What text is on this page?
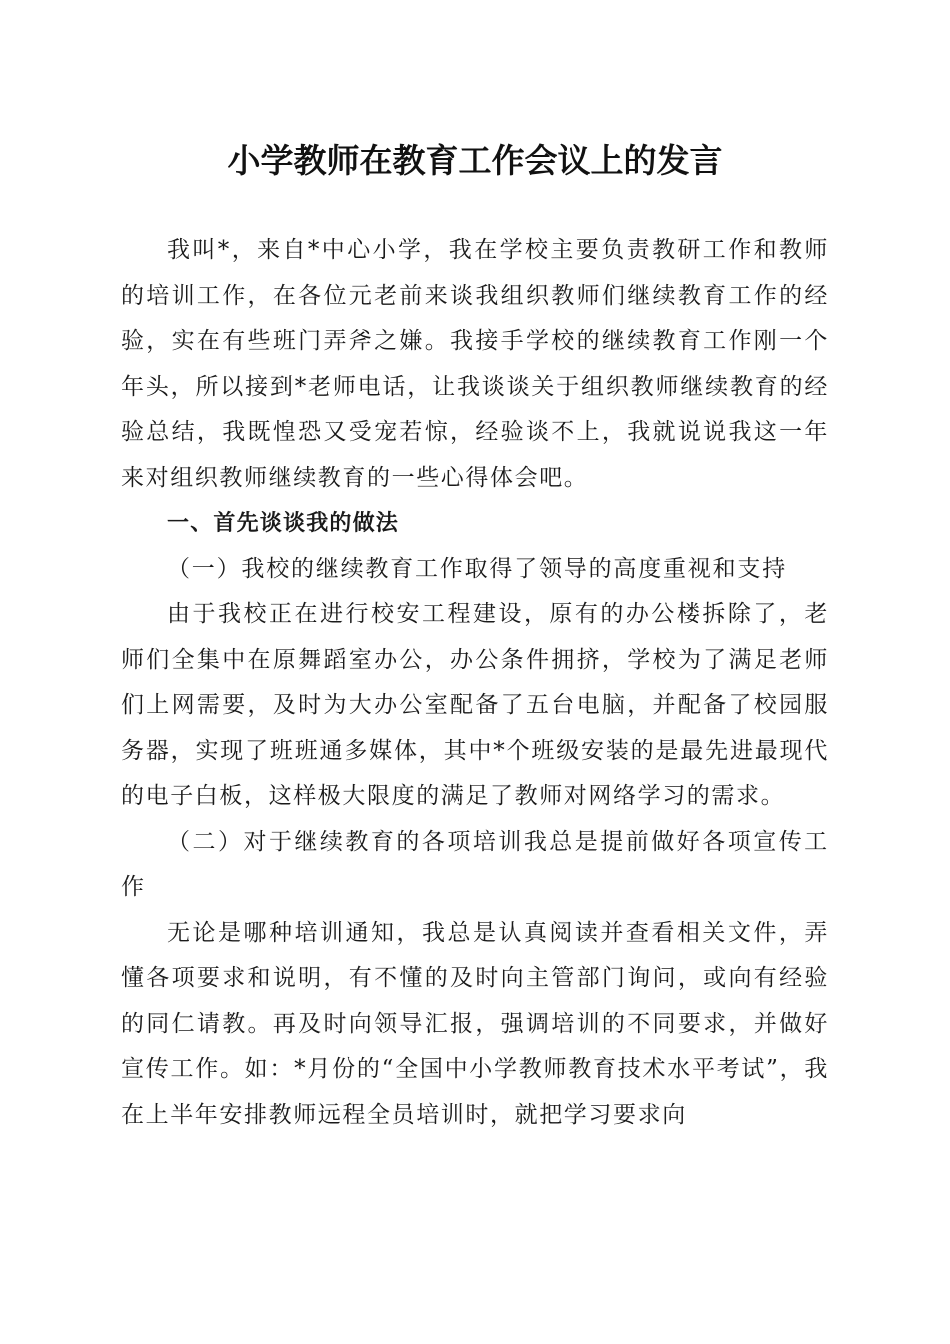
小学教师在教育工作会议上的发言

我叫*，来自*中心小学，我在学校主要负责教研工作和教师的培训工作，在各位元老前来谈我组织教师们继续教育工作的经验，实在有些班门弄斧之嫌。我接手学校的继续教育工作刚一个年头，所以接到*老师电话，让我谈谈关于组织教师继续教育的经验总结，我既惶恐又受宠若惊，经验谈不上，我就说说我这一年来对组织教师继续教育的一些心得体会吧。

一、首先谈谈我的做法

（一）我校的继续教育工作取得了领导的高度重视和支持

由于我校正在进行校安工程建设，原有的办公楼拆除了，老师们全集中在原舞蹈室办公，办公条件拥挤，学校为了满足老师们上网需要，及时为大办公室配备了五台电脑，并配备了校园服务器，实现了班班通多媒体，其中*个班级安装的是最先进最现代的电子白板，这样极大限度的满足了教师对网络学习的需求。

（二）对于继续教育的各项培训我总是提前做好各项宣传工作

无论是哪种培训通知，我总是认真阅读并查看相关文件，弄懂各项要求和说明，有不懂的及时向主管部门询问，或向有经验的同仁请教。再及时向领导汇报，强调培训的不同要求，并做好宣传工作。如：*月份的“全国中小学教师教育技术水平考试”，我在上半年安排教师远程全员培训时，就把学习要求向
